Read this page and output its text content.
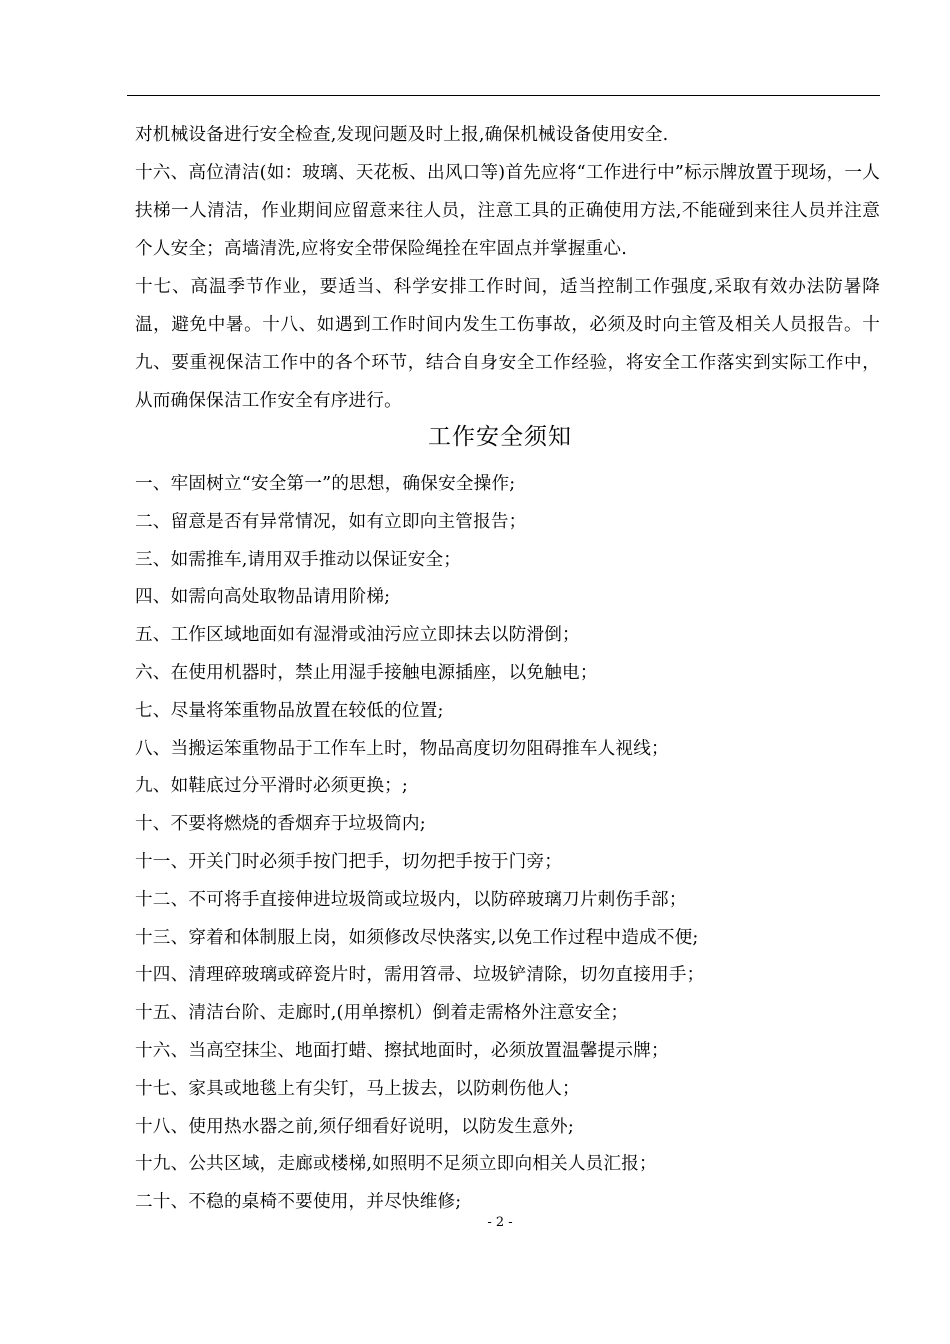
对机械设备进行安全检查,发现问题及时上报,确保机械设备使用安全.

十六、高位清洁(如：玻璃、天花板、出风口等)首先应将“工作进行中”标示牌放置于现场，一人扶梯一人清洁，作业期间应留意来往人员，注意工具的正确使用方法,不能碰到来往人员并注意个人安全；高墙清洗,应将安全带保险绳拴在牢固点并掌握重心.

十七、高温季节作业，要适当、科学安排工作时间，适当控制工作强度,采取有效办法防暑降温，避免中暑。十八、如遇到工作时间内发生工伤事故，必须及时向主管及相关人员报告。十九、要重视保洁工作中的各个环节，结合自身安全工作经验，将安全工作落实到实际工作中，从而确保保洁工作安全有序进行。

工作安全须知
一、牢固树立“安全第一”的思想，确保安全操作;
二、留意是否有异常情况，如有立即向主管报告；
三、如需推车,请用双手推动以保证安全；
四、如需向高处取物品请用阶梯;
五、工作区域地面如有湿滑或油污应立即抹去以防滑倒；
六、在使用机器时，禁止用湿手接触电源插座，以免触电；
七、尽量将笨重物品放置在较低的位置;
八、当搬运笨重物品于工作车上时，物品高度切勿阻碍推车人视线；
九、如鞋底过分平滑时必须更换；;
十、不要将燃烧的香烟弃于垃圾筒内;
十一、开关门时必须手按门把手，切勿把手按于门旁；
十二、不可将手直接伸进垃圾筒或垃圾内，以防碎玻璃刀片刺伤手部；
十三、穿着和体制服上岗，如须修改尽快落实,以免工作过程中造成不便;
十四、清理碎玻璃或碎瓷片时，需用笤帚、垃圾铲清除，切勿直接用手；
十五、清洁台阶、走廊时,(用单擦机）倒着走需格外注意安全；
十六、当高空抹尘、地面打蜡、擦拭地面时，必须放置温馨提示牌；
十七、家具或地毯上有尖钉，马上拔去，以防刺伤他人；
十八、使用热水器之前,须仔细看好说明，以防发生意外;
十九、公共区域，走廊或楼梯,如照明不足须立即向相关人员汇报；
二十、不稳的桌椅不要使用，并尽快维修;
- 2 -
